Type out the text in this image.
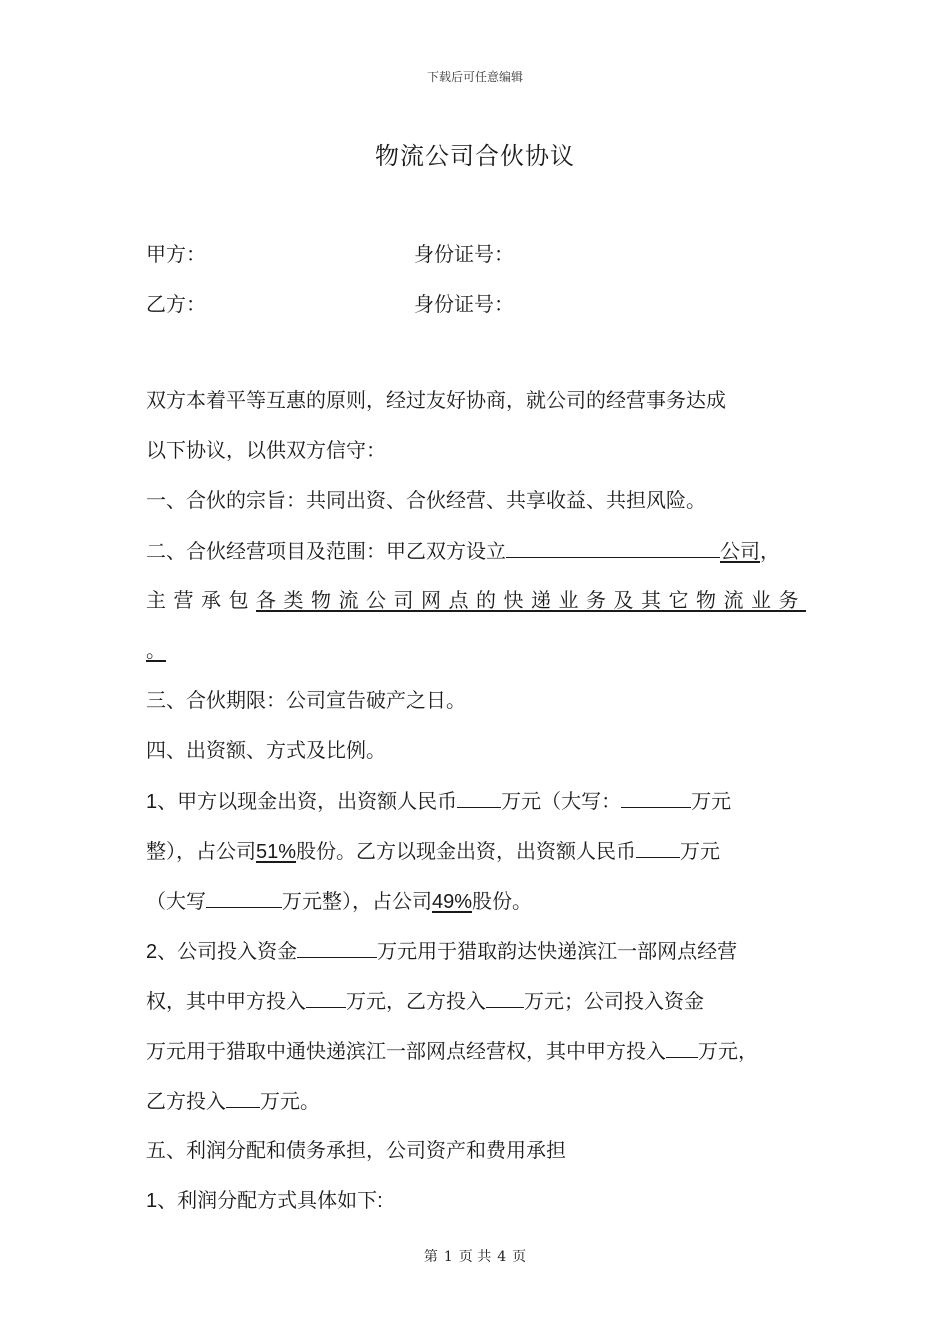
下载后可任意编辑
物流公司合伙协议
甲方：	身份证号：
乙方：	身份证号：
双方本着平等互惠的原则，经过友好协商，就公司的经营事务达成
以下协议，以供双方信守：
一、合伙的宗旨：共同出资、合伙经营、共享收益、共担风险。
二、合伙经营项目及范围：甲乙双方设立	公司，
主营承包各类物流公司网点的快递业务及其它物流业务
。
三、合伙期限：公司宣告破产之日。
四、出资额、方式及比例。
1、甲方以现金出资，出资额人民币 万元（大写：	万元
整），占公司51%股份。乙方以现金出资，出资额人民币 万元
（大写	万元整），占公司49%股份。
2、公司投入资金	万元用于猎取韵达快递滨江一部网点经营
权，其中甲方投入 万元，乙方投入 万元；公司投入资金
万元用于猎取中通快递滨江一部网点经营权，其中甲方投入 万元，
乙方投入 万元。
五、利润分配和债务承担，公司资产和费用承担
1、利润分配方式具体如下:
第 1 页 共 4 页
